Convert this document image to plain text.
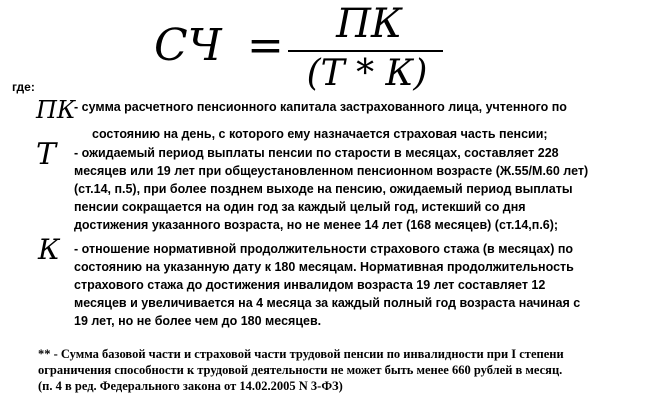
СЧ =	ПК
(Т * К)
где:
ПК

- сумма расчетного пенсионного капитала застрахованного лица, учтенного по
состоянию на день, с которого ему назначается страховая часть пенсии;

Т - ожидаемый период выплаты пенсии по старости в месяцах, составляет 228
месяцев или 19 лет при общеустановленном пенсионном возрасте (Ж.55/М.60 лет)
(ст.14, п.5), при более позднем выходе на пенсию, ожидаемый период выплаты
пенсии сокращается на один год за каждый целый год, истекший со дня
достижения указанного возраста, но не менее 14 лет (168 месяцев) (ст.14,п.6);

К - отношение нормативной продолжительности страхового стажа (в месяцах) по
состоянию на указанную дату к 180 месяцам. Нормативная продолжительность
страхового стажа до достижения инвалидом возраста 19 лет составляет 12
месяцев и увеличивается на 4 месяца за каждый полный год возраста начиная с
19 лет, но не более чем до 180 месяцев.

** - Сумма базовой части и страховой части трудовой пенсии по инвалидности при I степени
ограничения способности к трудовой деятельности не может быть менее 660 рублей в месяц.
(п. 4 в ред. Федерального закона от 14.02.2005 N 3-ФЗ)
